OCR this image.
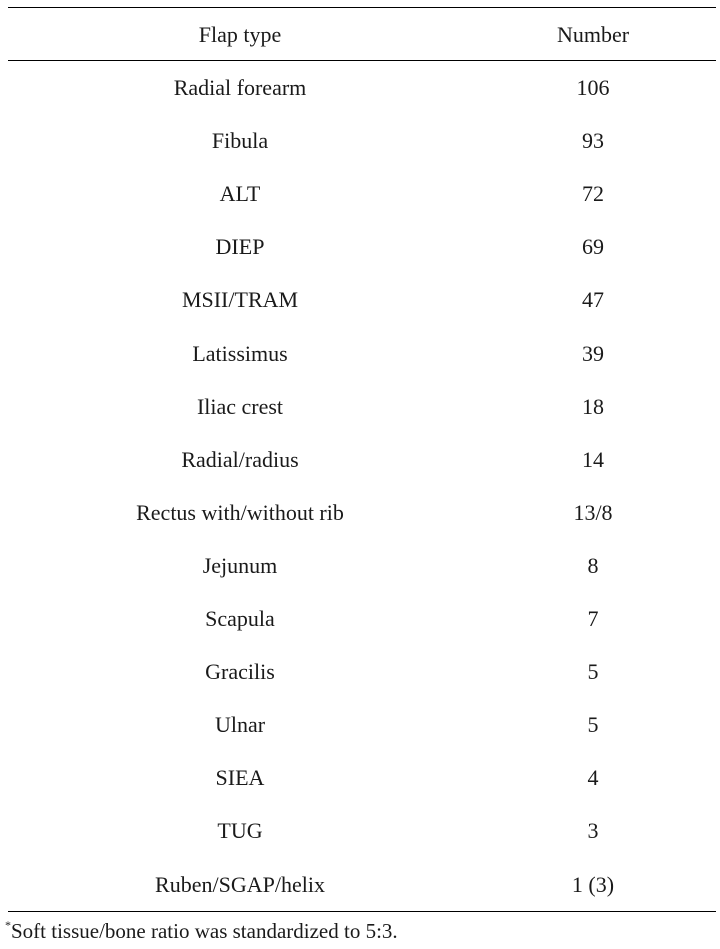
Flap type	Number
Radial forearm	106
Fibula	93
ALT	72
DIEP	69
MSII/TRAM	47
Latissimus	39
Iliac crest	18
Radial/radius	14
Rectus with/without rib	13/8
Jejunum	8
Scapula	7
Gracilis	5
Ulnar	5
SIEA	4
TUG	3
Ruben/SGAP/helix	1 (3)
*Soft tissue/bone ratio was standardized to 5:3.
